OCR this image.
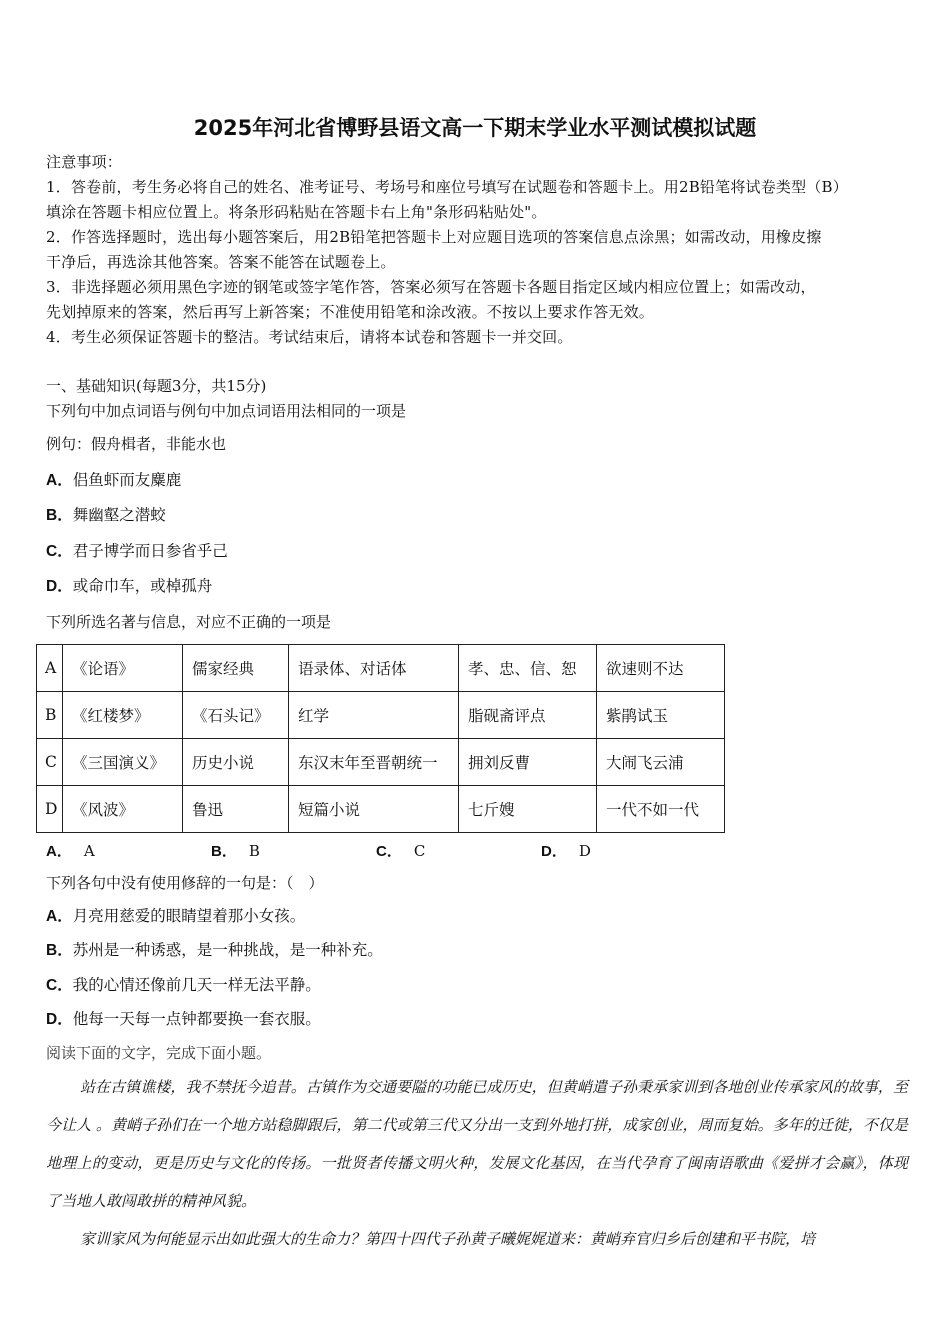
2025年河北省博野县语文高一下期末学业水平测试模拟试题
注意事项：
1．答卷前，考生务必将自己的姓名、准考证号、考场号和座位号填写在试题卷和答题卡上。用2B铅笔将试卷类型（B）
填涂在答题卡相应位置上。将条形码粘贴在答题卡右上角"条形码粘贴处"。
2．作答选择题时，选出每小题答案后，用2B铅笔把答题卡上对应题目选项的答案信息点涂黑；如需改动，用橡皮擦
干净后，再选涂其他答案。答案不能答在试题卷上。
3．非选择题必须用黑色字迹的钢笔或签字笔作答，答案必须写在答题卡各题目指定区域内相应位置上；如需改动，
先划掉原来的答案，然后再写上新答案；不准使用铅笔和涂改液。不按以上要求作答无效。
4．考生必须保证答题卡的整洁。考试结束后，请将本试卷和答题卡一并交回。
一、基础知识(每题3分，共15分)
下列句中加点词语与例句中加点词语用法相同的一项是
例句：假舟楫者，非能水也
A．侣鱼虾而友麋鹿
B．舞幽壑之潜蛟
C．君子博学而日参省乎己
D．或命巾车，或棹孤舟
下列所选名著与信息，对应不正确的一项是
A	《论语》	儒家经典	语录体、对话体	孝、忠、信、恕	欲速则不达
B	《红楼梦》	《石头记》	红学	脂砚斋评点	紫鹃试玉
C	《三国演义》	历史小说	东汉末年至晋朝统一	拥刘反曹	大闹飞云浦
D	《风波》	鲁迅	短篇小说	七斤嫂	一代不如一代
A． A	B． B	C． C	D． D
下列各句中没有使用修辞的一句是：（　）
A．月亮用慈爱的眼睛望着那小女孩。
B．苏州是一种诱惑，是一种挑战，是一种补充。
C．我的心情还像前几天一样无法平静。
D．他每一天每一点钟都要换一套衣服。
阅读下面的文字，完成下面小题。

站在古镇谯楼，我不禁抚今追昔。古镇作为交通要隘的功能已成历史，但黄峭遣子孙秉承家训到各地创业传承家风的故事，至今让人 。黄峭子孙们在一个地方站稳脚跟后，第二代或第三代又分出一支到外地打拼，成家创业，周而复始。多年的迁徙，不仅是地理上的变动，更是历史与文化的传扬。一批贤者传播文明火种，发展文化基因，在当代孕育了闽南语歌曲《爱拼才会赢》，体现了当地人敢闯敢拼的精神风貌。

家训家风为何能显示出如此强大的生命力？第四十四代子孙黄子曦娓娓道来：黄峭弃官归乡后创建和平书院，培
